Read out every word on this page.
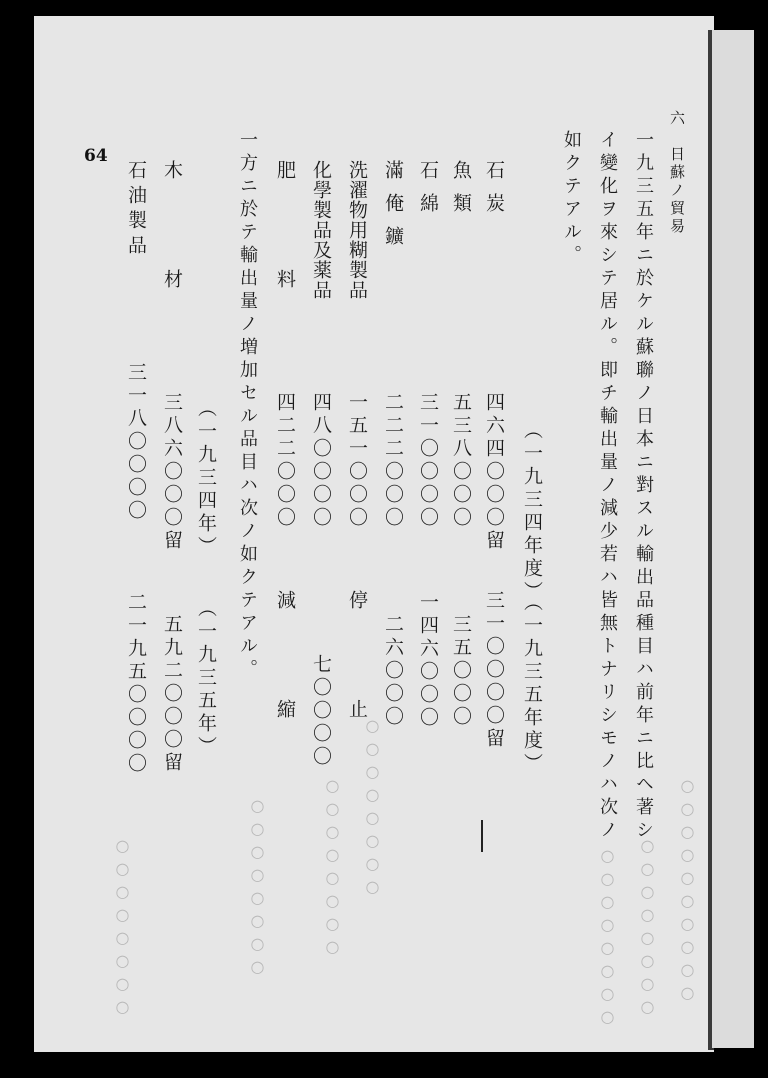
○○○○○○○○○○
○○○○○○○○
○○○○○○○○
○○○○○○○○
○○○○○○○○
○○○○○○○○
○○○○○○○○
64	六　日蘇ノ貿易
一九三五年ニ於ケル蘇聯ノ日本ニ對スル輸出品種目ハ前年ニ比ヘ著シ
イ變化ヲ來シテ居ル。即チ輸出量ノ減少若ハ皆無トナリシモノハ次ノ
如クテアル。
（一九三四年度）
（一九三五年度）
石炭
四六四〇〇〇留
三一〇〇〇〇留
魚類
五三八〇〇〇
三五〇〇〇
石綿
三一〇〇〇〇
一四六〇〇〇
滿俺鑛
二二二〇〇〇
二六〇〇〇
洗濯物用糊製品
一五一〇〇〇
停止
化學製品及薬品
四八〇〇〇〇
七〇〇〇〇
肥料
四二二〇〇〇
減縮
一方ニ於テ輸出量ノ増加セル品目ハ次ノ如クテアル。
（一九三四年）
（一九三五年）
木材
三八六〇〇〇留
五九二〇〇〇留
石油製品
三一八〇〇〇〇
二一九五〇〇〇〇
